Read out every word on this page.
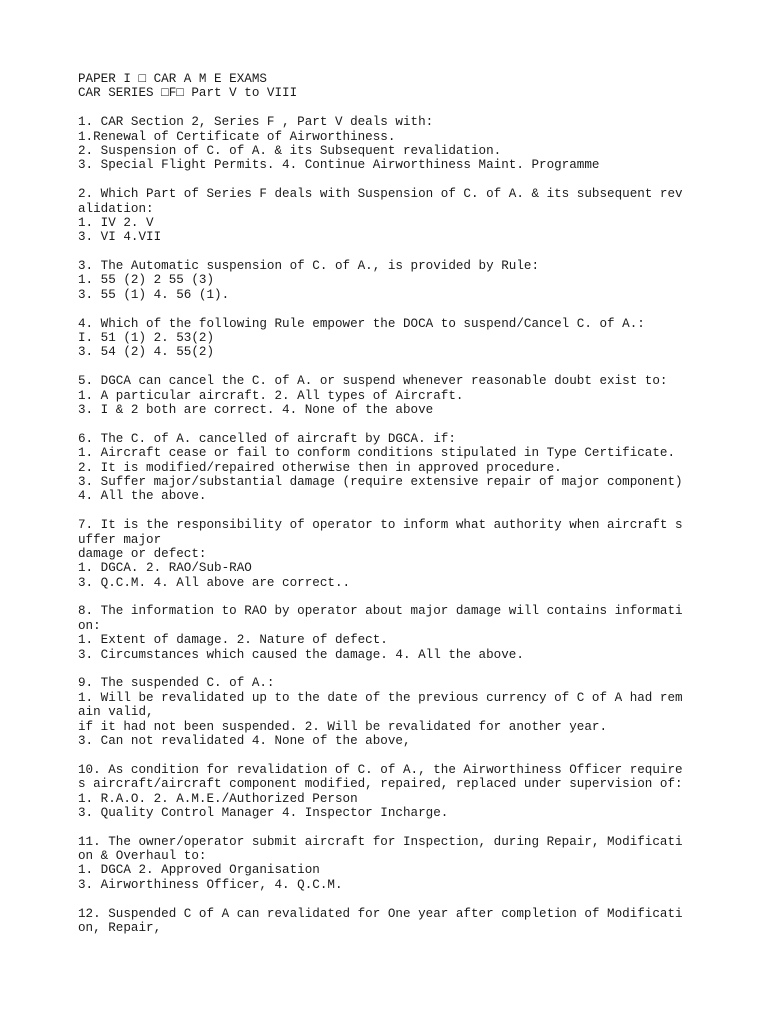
PAPER I □ CAR A M E EXAMS
CAR SERIES □F□ Part V to VIII
1. CAR Section 2, Series F , Part V deals with:
1.Renewal of Certificate of Airworthiness.
2. Suspension of C. of A. & its Subsequent revalidation.
3. Special Flight Permits. 4. Continue Airworthiness Maint. Programme
2. Which Part of Series F deals with Suspension of C. of A. & its subsequent rev
alidation:
1. IV 2. V
3. VI 4.VII
3. The Automatic suspension of C. of A., is provided by Rule:
1. 55 (2) 2 55 (3)
3. 55 (1) 4. 56 (1).
4. Which of the following Rule empower the DOCA to suspend/Cancel C. of A.:
I. 51 (1) 2. 53(2)
3. 54 (2) 4. 55(2)
5. DGCA can cancel the C. of A. or suspend whenever reasonable doubt exist to:
1. A particular aircraft. 2. All types of Aircraft.
3. I & 2 both are correct. 4. None of the above
6. The C. of A. cancelled of aircraft by DGCA. if:
1. Aircraft cease or fail to conform conditions stipulated in Type Certificate.
2. It is modified/repaired otherwise then in approved procedure.
3. Suffer major/substantial damage (require extensive repair of major component)
4. All the above.
7. It is the responsibility of operator to inform what authority when aircraft s
uffer major
damage or defect:
1. DGCA. 2. RAO/Sub-RAO
3. Q.C.M. 4. All above are correct..
8. The information to RAO by operator about major damage will contains informati
on:
1. Extent of damage. 2. Nature of defect.
3. Circumstances which caused the damage. 4. All the above.
9. The suspended C. of A.:
1. Will be revalidated up to the date of the previous currency of C of A had rem
ain valid,
if it had not been suspended. 2. Will be revalidated for another year.
3. Can not revalidated 4. None of the above,
10. As condition for revalidation of C. of A., the Airworthiness Officer require
s aircraft/aircraft component modified, repaired, replaced under supervision of:
1. R.A.O. 2. A.M.E./Authorized Person
3. Quality Control Manager 4. Inspector Incharge.
11. The owner/operator submit aircraft for Inspection, during Repair, Modificati
on & Overhaul to:
1. DGCA 2. Approved Organisation
3. Airworthiness Officer, 4. Q.C.M.
12. Suspended C of A can revalidated for One year after completion of Modificati
on, Repair,
